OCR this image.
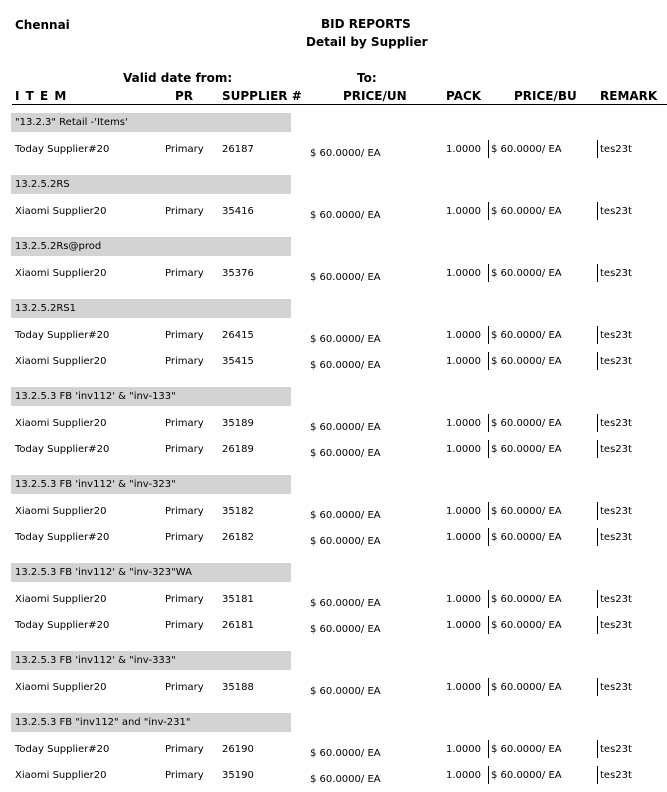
Chennai	BID REPORTS
Detail by Supplier
Valid date from:	To:
I T E M	PR SUPPLIER #	PRICE/UN	PACK	PRICE/BU REMARK
"13.2.3" Retail -'Items'
Today Supplier#20	Primary 26187	$ 60.0000/ EA	1.0000 $ 60.0000/ EA	tes23t
13.2.5.2RS
Xiaomi Supplier20	Primary 35416	$ 60.0000/ EA	1.0000 $ 60.0000/ EA	tes23t
13.2.5.2Rs@prod
Xiaomi Supplier20	Primary 35376	$ 60.0000/ EA	1.0000 $ 60.0000/ EA	tes23t
13.2.5.2RS1
Today Supplier#20	Primary 26415	$ 60.0000/ EA	1.0000 $ 60.0000/ EA	tes23t
Xiaomi Supplier20	Primary 35415	$ 60.0000/ EA	1.0000 $ 60.0000/ EA	tes23t
13.2.5.3 FB 'inv112' & "inv-133"
Xiaomi Supplier20	Primary 35189	$ 60.0000/ EA	1.0000 $ 60.0000/ EA	tes23t
Today Supplier#20	Primary 26189	$ 60.0000/ EA	1.0000 $ 60.0000/ EA	tes23t
13.2.5.3 FB 'inv112' & "inv-323"
Xiaomi Supplier20	Primary 35182	$ 60.0000/ EA	1.0000 $ 60.0000/ EA	tes23t
Today Supplier#20	Primary 26182	$ 60.0000/ EA	1.0000 $ 60.0000/ EA	tes23t
13.2.5.3 FB 'inv112' & "inv-323"WA
Xiaomi Supplier20	Primary 35181	$ 60.0000/ EA	1.0000 $ 60.0000/ EA	tes23t
Today Supplier#20	Primary 26181	$ 60.0000/ EA	1.0000 $ 60.0000/ EA	tes23t
13.2.5.3 FB 'inv112' & "inv-333"
Xiaomi Supplier20	Primary 35188	$ 60.0000/ EA	1.0000 $ 60.0000/ EA	tes23t
13.2.5.3 FB "inv112" and "inv-231"
Today Supplier#20	Primary 26190	$ 60.0000/ EA	1.0000 $ 60.0000/ EA	tes23t
Xiaomi Supplier20	Primary 35190	$ 60.0000/ EA	1.0000 $ 60.0000/ EA	tes23t
